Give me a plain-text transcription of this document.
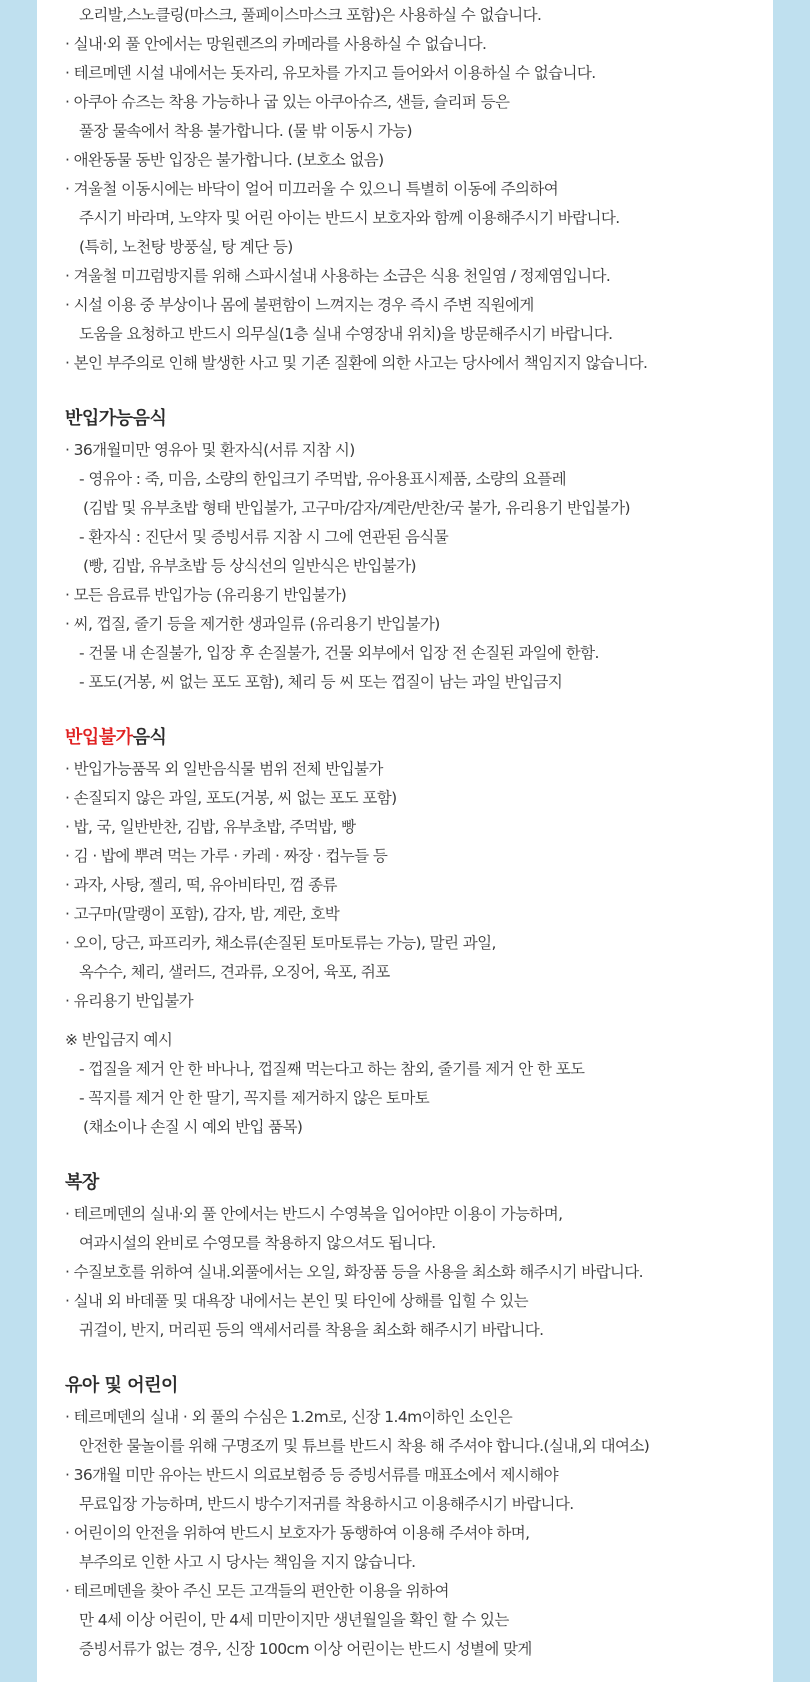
오리발,스노클링(마스크, 풀페이스마스크 포함)은 사용하실 수 없습니다.
· 실내·외 풀 안에서는 망원렌즈의 카메라를 사용하실 수 없습니다.
· 테르메덴 시설 내에서는 돗자리, 유모차를 가지고 들어와서 이용하실 수 없습니다.
· 아쿠아 슈즈는 착용 가능하나 굽 있는 아쿠아슈즈, 샌들, 슬리퍼 등은
풀장 물속에서 착용 불가합니다. (물 밖 이동시 가능)
· 애완동물 동반 입장은 불가합니다. (보호소 없음)
· 겨울철 이동시에는 바닥이 얼어 미끄러울 수 있으니 특별히 이동에 주의하여
주시기 바라며, 노약자 및 어린 아이는 반드시 보호자와 함께 이용해주시기 바랍니다.
(특히, 노천탕 방풍실, 탕 계단 등)
· 겨울철 미끄럼방지를 위해 스파시설내 사용하는 소금은 식용 천일염 / 정제염입니다.
· 시설 이용 중 부상이나 몸에 불편함이 느껴지는 경우 즉시 주변 직원에게
도움을 요청하고 반드시 의무실(1층 실내 수영장내 위치)을 방문해주시기 바랍니다.
· 본인 부주의로 인해 발생한 사고 및 기존 질환에 의한 사고는 당사에서 책임지지 않습니다.
반입가능음식
· 36개월미만 영유아 및 환자식(서류 지참 시)
- 영유아 : 죽, 미음, 소량의 한입크기 주먹밥, 유아용표시제품, 소량의 요플레
(김밥 및 유부초밥 형태 반입불가, 고구마/감자/계란/반찬/국 불가, 유리용기 반입불가)
- 환자식 : 진단서 및 증빙서류 지참 시 그에 연관된 음식물
(빵, 김밥, 유부초밥 등 상식선의 일반식은 반입불가)
· 모든 음료류 반입가능 (유리용기 반입불가)
· 씨, 껍질, 줄기 등을 제거한 생과일류 (유리용기 반입불가)
- 건물 내 손질불가, 입장 후 손질불가, 건물 외부에서 입장 전 손질된 과일에 한함.
- 포도(거봉, 씨 없는 포도 포함), 체리 등 씨 또는 껍질이 남는 과일 반입금지
반입불가음식
· 반입가능품목 외 일반음식물 범위 전체 반입불가
· 손질되지 않은 과일, 포도(거봉, 씨 없는 포도 포함)
· 밥, 국, 일반반찬, 김밥, 유부초밥, 주먹밥, 빵
· 김 · 밥에 뿌려 먹는 가루 · 카레 · 짜장 · 컵누들 등
· 과자, 사탕, 젤리, 떡, 유아비타민, 껌 종류
· 고구마(말랭이 포함), 감자, 밤, 계란, 호박
· 오이, 당근, 파프리카, 채소류(손질된 토마토류는 가능), 말린 과일,
옥수수, 체리, 샐러드, 견과류, 오징어, 육포, 쥐포
· 유리용기 반입불가
※ 반입금지 예시
- 껍질을 제거 안 한 바나나, 껍질째 먹는다고 하는 참외, 줄기를 제거 안 한 포도
- 꼭지를 제거 안 한 딸기, 꼭지를 제거하지 않은 토마토
(채소이나 손질 시 예외 반입 품목)
복장
· 테르메덴의 실내·외 풀 안에서는 반드시 수영복을 입어야만 이용이 가능하며,
여과시설의 완비로 수영모를 착용하지 않으셔도 됩니다.
· 수질보호를 위하여 실내.외풀에서는 오일, 화장품 등을 사용을 최소화 해주시기 바랍니다.
· 실내 외 바데풀 및 대욕장 내에서는 본인 및 타인에 상해를 입힐 수 있는
귀걸이, 반지, 머리핀 등의 액세서리를 착용을 최소화 해주시기 바랍니다.
유아 및 어린이
· 테르메덴의 실내 · 외 풀의 수심은 1.2m로, 신장 1.4m이하인 소인은
안전한 물놀이를 위해 구명조끼 및 튜브를 반드시 착용 해 주셔야 합니다.(실내,외 대여소)
· 36개월 미만 유아는 반드시 의료보험증 등 증빙서류를 매표소에서 제시해야
무료입장 가능하며, 반드시 방수기저귀를 착용하시고 이용해주시기 바랍니다.
· 어린이의 안전을 위하여 반드시 보호자가 동행하여 이용해 주셔야 하며,
부주의로 인한 사고 시 당사는 책임을 지지 않습니다.
· 테르메덴을 찾아 주신 모든 고객들의 편안한 이용을 위하여
만 4세 이상 어린이, 만 4세 미만이지만 생년월일을 확인 할 수 있는
증빙서류가 없는 경우, 신장 100cm 이상 어린이는 반드시 성별에 맞게
